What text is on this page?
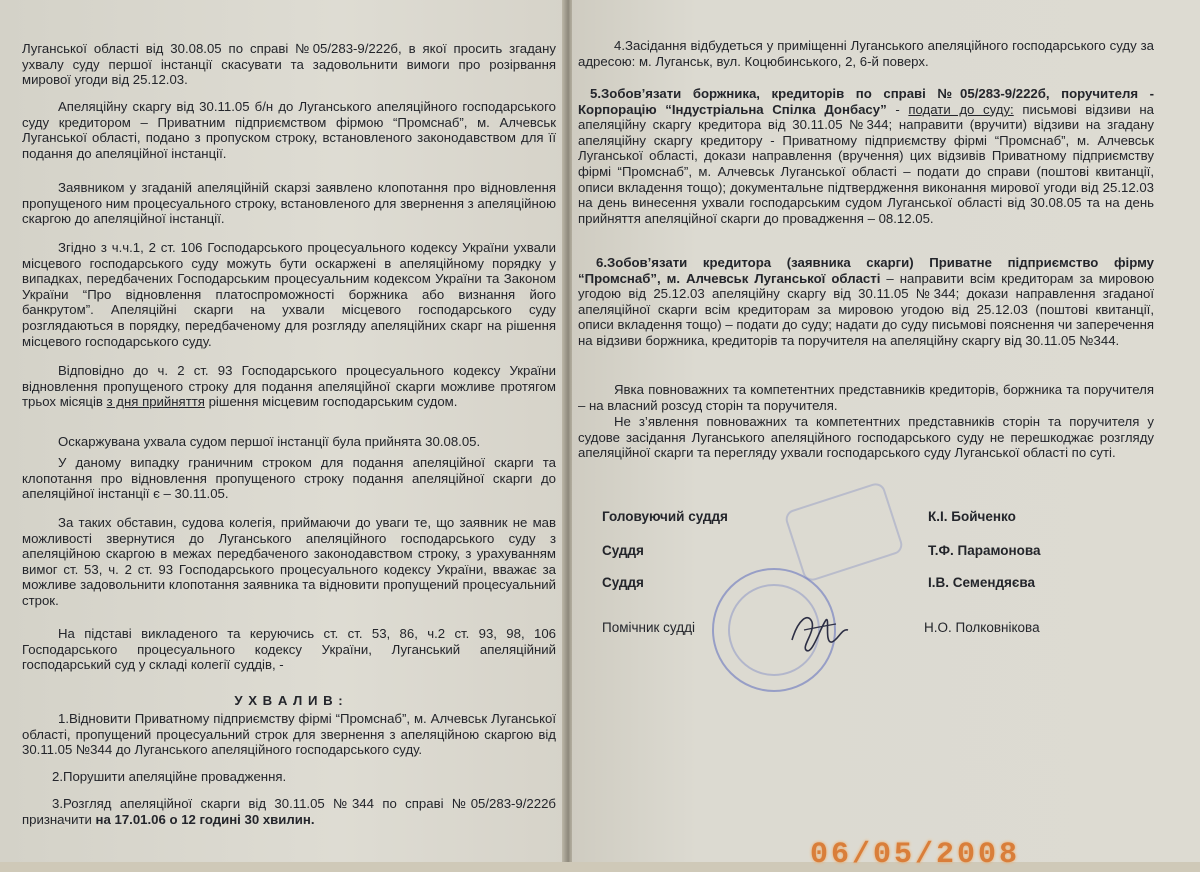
Луганської області від 30.08.05 по справі №05/283-9/222б, в якої просить згадану ухвалу суду першої інстанції скасувати та задовольнити вимоги про розірвання мирової угоди від 25.12.03.

Апеляційну скаргу від 30.11.05 б/н до Луганського апеляційного господарського суду кредитором – Приватним підприємством фірмою “Промснаб”, м. Алчевськ Луганської області, подано з пропуском строку, встановленого законодавством для її подання до апеляційної інстанції.

Заявником у згаданій апеляційній скарзі заявлено клопотання про відновлення пропущеного ним процесуального строку, встановленого для звернення з апеляційною скаргою до апеляційної інстанції.

Згідно з ч.ч.1, 2 ст. 106 Господарського процесуального кодексу України ухвали місцевого господарського суду можуть бути оскаржені в апеляційному порядку у випадках, передбачених Господарським процесуальним кодексом України та Законом України “Про відновлення платоспроможності боржника або визнання його банкрутом”. Апеляційні скарги на ухвали місцевого господарського суду розглядаються в порядку, передбаченому для розгляду апеляційних скарг на рішення місцевого господарського суду.

Відповідно до ч. 2 ст. 93 Господарського процесуального кодексу України відновлення пропущеного строку для подання апеляційної скарги можливе протягом трьох місяців з дня прийняття рішення місцевим господарським судом.

Оскаржувана ухвала судом першої інстанції була прийнята 30.08.05.

У даному випадку граничним строком для подання апеляційної скарги та клопотання про відновлення пропущеного строку подання апеляційної скарги до апеляційної інстанції є – 30.11.05.

За таких обставин, судова колегія, приймаючи до уваги те, що заявник не мав можливості звернутися до Луганського апеляційного господарського суду з апеляційною скаргою в межах передбаченого законодавством строку, з урахуванням вимог ст. 53, ч. 2 ст. 93 Господарського процесуального кодексу України, вважає за можливе задовольнити клопотання заявника та відновити пропущений процесуальний строк.

На підставі викладеного та керуючись ст. ст. 53, 86, ч.2 ст. 93, 98, 106 Господарського процесуального кодексу України, Луганський апеляційний господарський суд у складі колегії суддів, -

У Х В А Л И В :

1.Відновити Приватному підприємству фірмі “Промснаб”, м. Алчевськ Луганської області, пропущений процесуальний строк для звернення з апеляційною скаргою від 30.11.05 №344 до Луганського апеляційного господарського суду.

2.Порушити апеляційне провадження.

3.Розгляд апеляційної скарги від 30.11.05 №344 по справі №05/283-9/222б призначити на 17.01.06 о 12 годині 30 хвилин.

4.Засідання відбудеться у приміщенні Луганського апеляційного господарського суду за адресою: м. Луганськ, вул. Коцюбинського, 2, 6-й поверх.

5.Зобов’язати боржника, кредиторів по справі №05/283-9/222б, поручителя - Корпорацію “Індустріальна Спілка Донбасу” - подати до суду: письмові відзиви на апеляційну скаргу кредитора від 30.11.05 №344; направити (вручити) відзиви на згадану апеляційну скаргу кредитору - Приватному підприємству фірмі “Промснаб”, м. Алчевськ Луганської області, докази направлення (вручення) цих відзивів Приватному підприємству фірмі “Промснаб”, м. Алчевськ Луганської області – подати до справи (поштові квитанції, описи вкладення тощо); документальне підтвердження виконання мирової угоди від 25.12.03 на день винесення ухвали господарським судом Луганської області від 30.08.05 та на день прийняття апеляційної скарги до провадження – 08.12.05.

6.Зобов’язати кредитора (заявника скарги) Приватне підприємство фірму “Промснаб”, м. Алчевськ Луганської області – направити всім кредиторам за мировою угодою від 25.12.03 апеляційну скаргу від 30.11.05 №344; докази направлення згаданої апеляційної скарги всім кредиторам за мировою угодою від 25.12.03 (поштові квитанції, описи вкладення тощо) – подати до суду; надати до суду письмові пояснення чи заперечення на відзиви боржника, кредиторів та поручителя на апеляційну скаргу від 30.11.05 №344.

Явка повноважних та компетентних представників кредиторів, боржника та поручителя – на власний розсуд сторін та поручителя.

Не з’явлення повноважних та компетентних представників сторін та поручителя у судове засідання Луганського апеляційного господарського суду не перешкоджає розгляду апеляційної скарги та перегляду ухвали господарського суду Луганської області по суті.

Головуючий суддя	К.І. Бойченко
Суддя	Т.Ф. Парамонова
Суддя	І.В. Семендяєва
Помічник судді	Н.О. Полковнікова
06/05/2008
